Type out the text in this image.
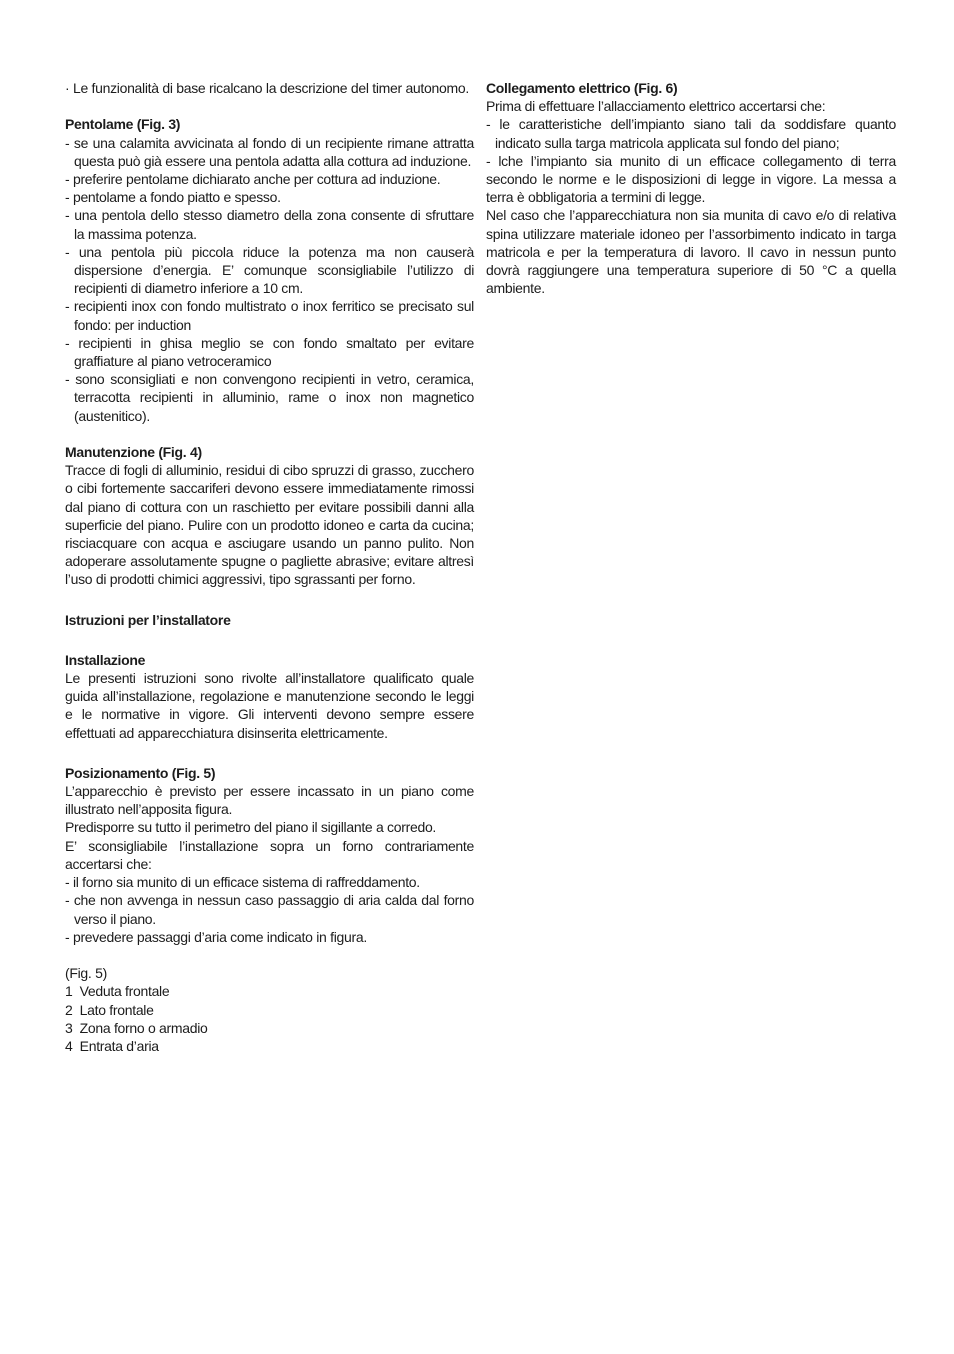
· Le funzionalità di base ricalcano la descrizione del timer autonomo.

Pentolame (Fig. 3)

- se una calamita avvicinata al fondo di un recipiente rimane attratta questa può già essere una pentola adatta alla cottura ad induzione.

- preferire pentolame dichiarato anche per cottura ad induzione.

- pentolame a fondo piatto e spesso.

- una pentola dello stesso diametro della zona consente di sfruttare la massima potenza.

- una pentola più piccola riduce la potenza ma non causerà dispersione d’energia. E’ comunque sconsigliabile l’utilizzo di recipienti di diametro inferiore a 10 cm.

- recipienti inox con fondo multistrato o inox ferritico se precisato sul fondo: per induction

- recipienti in ghisa meglio se con fondo smaltato per evitare graffiature al piano vetroceramico

- sono sconsigliati e non convengono recipienti in vetro, ceramica, terracotta recipienti in alluminio, rame o inox non magnetico (austenitico).

Manutenzione (Fig. 4)

Tracce di fogli di alluminio, residui di cibo spruzzi di grasso, zucchero o cibi fortemente saccariferi devono essere immediatamente rimossi dal piano di cottura con un raschietto per evitare possibili danni alla superficie del piano. Pulire con un prodotto idoneo e carta da cucina; risciacquare con acqua e asciugare usando un panno pulito. Non adoperare assolutamente spugne o pagliette abrasive; evitare altresì l’uso di prodotti chimici aggressivi, tipo sgrassanti per forno.

Istruzioni per l’installatore

Installazione

Le presenti istruzioni sono rivolte all’installatore qualificato quale guida all’installazione, regolazione e manutenzione secondo le leggi e le normative in vigore. Gli interventi devono sempre essere effettuati ad apparecchiatura disinserita elettricamente.

Posizionamento (Fig. 5)

L’apparecchio è previsto per essere incassato in un piano come illustrato nell’apposita figura.

Predisporre su tutto il perimetro del piano il sigillante a corredo.

E’ sconsigliabile l’installazione sopra un forno contrariamente accertarsi che:

- il forno sia munito di un efficace sistema di raffreddamento.

- che non avvenga in nessun caso passaggio di aria calda dal forno verso il piano.

- prevedere passaggi d’aria come indicato in figura.

(Fig. 5)

1  Veduta frontale

2  Lato frontale

3  Zona forno o armadio

4  Entrata d’aria

Collegamento elettrico (Fig. 6)

Prima di effettuare l’allacciamento elettrico accertarsi che:

- le caratteristiche dell’impianto siano tali da soddisfare quanto indicato sulla targa matricola applicata sul fondo del piano;

- lche l’impianto sia munito di un efficace collegamento di terra secondo le norme e le disposizioni di legge in vigore. La messa a terra è obbligatoria a termini di legge.

Nel caso che l’apparecchiatura non sia munita di cavo e/o di relativa spina utilizzare materiale idoneo per l’assorbimento indicato in targa matricola e per la temperatura di lavoro. Il cavo in nessun punto dovrà raggiungere una temperatura superiore di 50 °C a quella ambiente.
